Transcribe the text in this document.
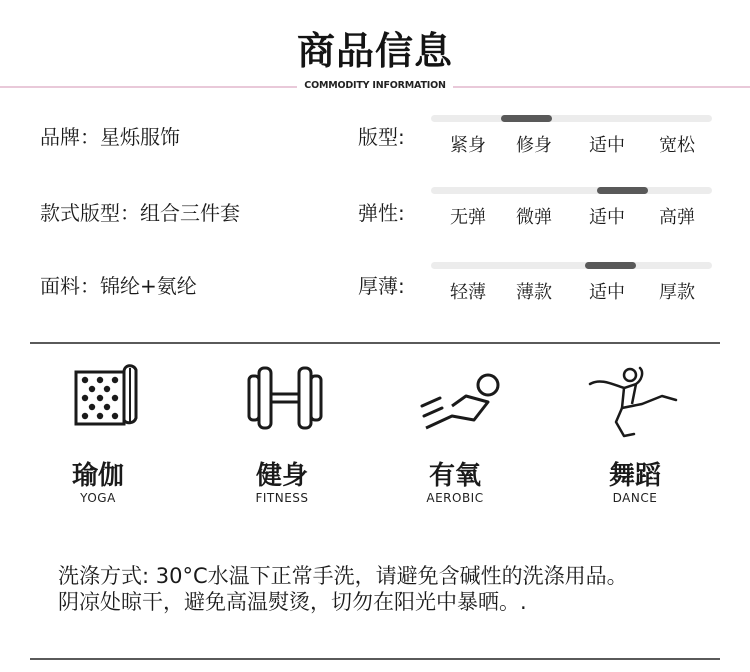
商品信息
COMMODITY INFORMATION
品牌：星烁服饰
款式版型：组合三件套
面料：锦纶+氨纶
版型:	紧身	修身	适中	宽松
弹性:	无弹	微弹	适中	高弹
厚薄:	轻薄	薄款	适中	厚款
瑜伽
YOGA
健身
FITNESS
有氧
AEROBIC
舞蹈
DANCE
洗涤方式: 30°C水温下正常手洗，请避免含碱性的洗涤用品。
阴凉处晾干，避免高温熨烫，切勿在阳光中暴晒。.
